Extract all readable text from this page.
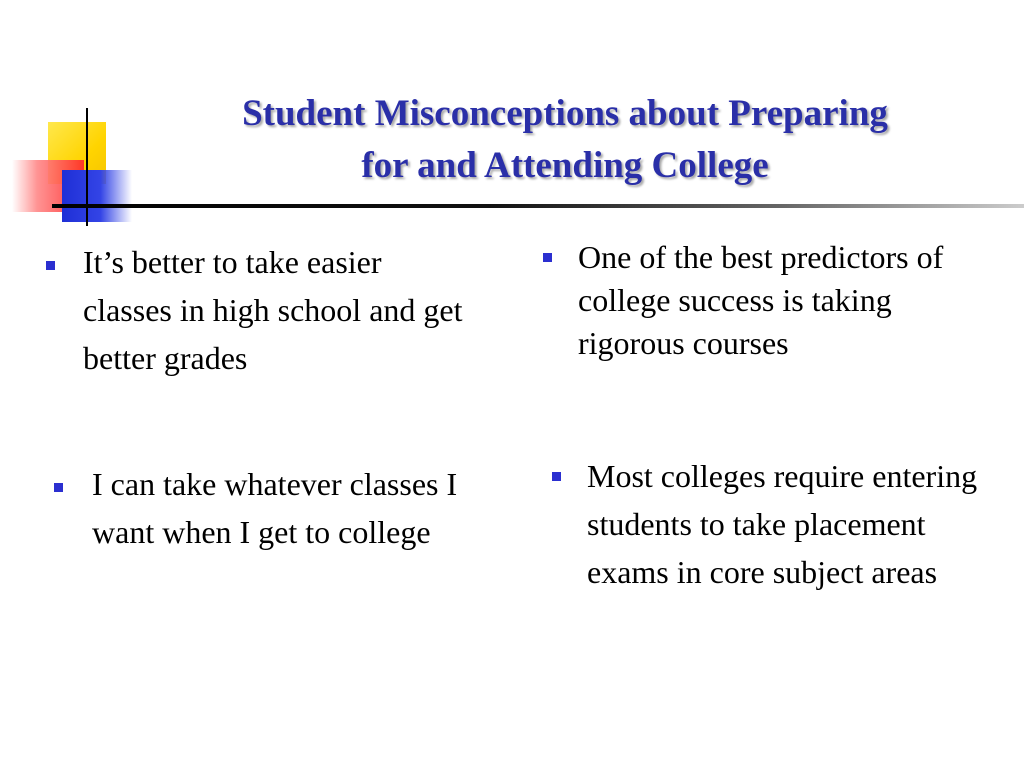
Student Misconceptions about Preparing
for and Attending College
It’s better to take easier classes in high school and get better grades
One of the best predictors of college success is taking rigorous courses
I can take whatever classes I want when I get to college
Most colleges require entering students to take placement exams in core subject areas
